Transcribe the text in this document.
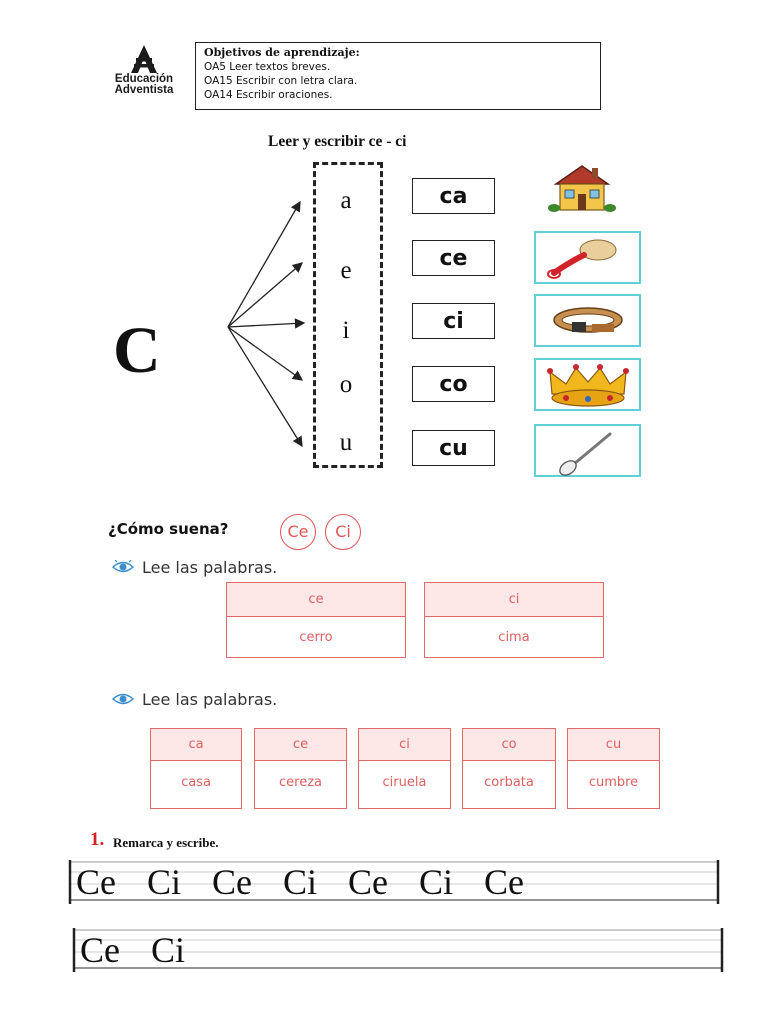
Educación
Adventista
Objetivos de aprendizaje:
OA5 Leer textos breves.
OA15 Escribir con letra clara.
OA14 Escribir oraciones.
Leer y escribir ce - ci
C
a
e
i
o
u
ca
ce
ci
co
cu
¿Cómo suena?	Ce	Ci
Lee las palabras.
ce
cerro
ci
cima
Lee las palabras.
ca
casa
ce
cereza
ci
ciruela
co
corbata
cu
cumbre
1. Remarca y escribe.
Ce Ci Ce Ci Ce Ci Ce
Ce Ci
